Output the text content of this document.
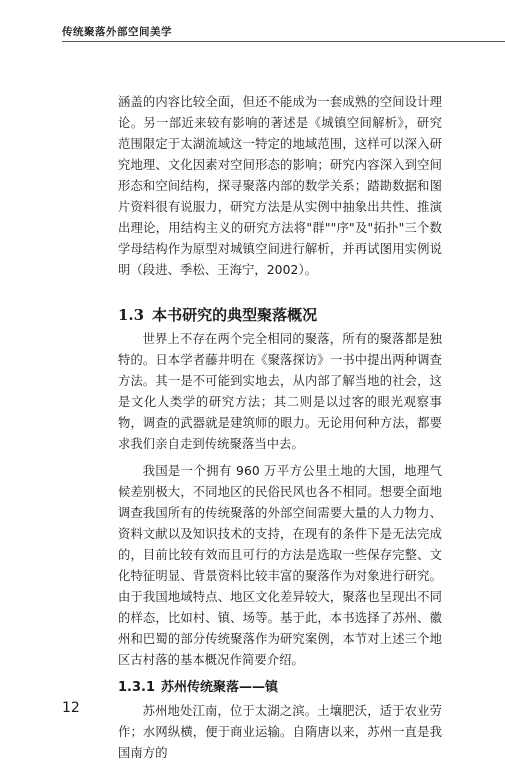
传统聚落外部空间美学

涵盖的内容比较全面，但还不能成为一套成熟的空间设计理论。另一部近来较有影响的著述是《城镇空间解析》，研究范围限定于太湖流域这一特定的地域范围，这样可以深入研究地理、文化因素对空间形态的影响；研究内容深入到空间形态和空间结构，探寻聚落内部的数学关系；踏勘数据和图片资料很有说服力，研究方法是从实例中抽象出共性、推演出理论，用结构主义的研究方法将"群""序"及"拓扑"三个数学母结构作为原型对城镇空间进行解析，并再试图用实例说明（段进、季松、王海宁，2002）。

1.3 本书研究的典型聚落概况

世界上不存在两个完全相同的聚落，所有的聚落都是独特的。日本学者藤井明在《聚落探访》一书中提出两种调查方法。其一是不可能到实地去，从内部了解当地的社会，这是文化人类学的研究方法；其二则是以过客的眼光观察事物，调查的武器就是建筑师的眼力。无论用何种方法，都要求我们亲自走到传统聚落当中去。

我国是一个拥有 960 万平方公里土地的大国，地理气候差别极大，不同地区的民俗民风也各不相同。想要全面地调查我国所有的传统聚落的外部空间需要大量的人力物力、资料文献以及知识技术的支持，在现有的条件下是无法完成的，目前比较有效而且可行的方法是选取一些保存完整、文化特征明显、背景资料比较丰富的聚落作为对象进行研究。由于我国地域特点、地区文化差异较大，聚落也呈现出不同的样态，比如村、镇、场等。基于此，本书选择了苏州、徽州和巴蜀的部分传统聚落作为研究案例，本节对上述三个地区古村落的基本概况作简要介绍。

1.3.1 苏州传统聚落——镇

苏州地处江南，位于太湖之滨。土壤肥沃，适于农业劳作；水网纵横，便于商业运输。自隋唐以来，苏州一直是我国南方的

12
